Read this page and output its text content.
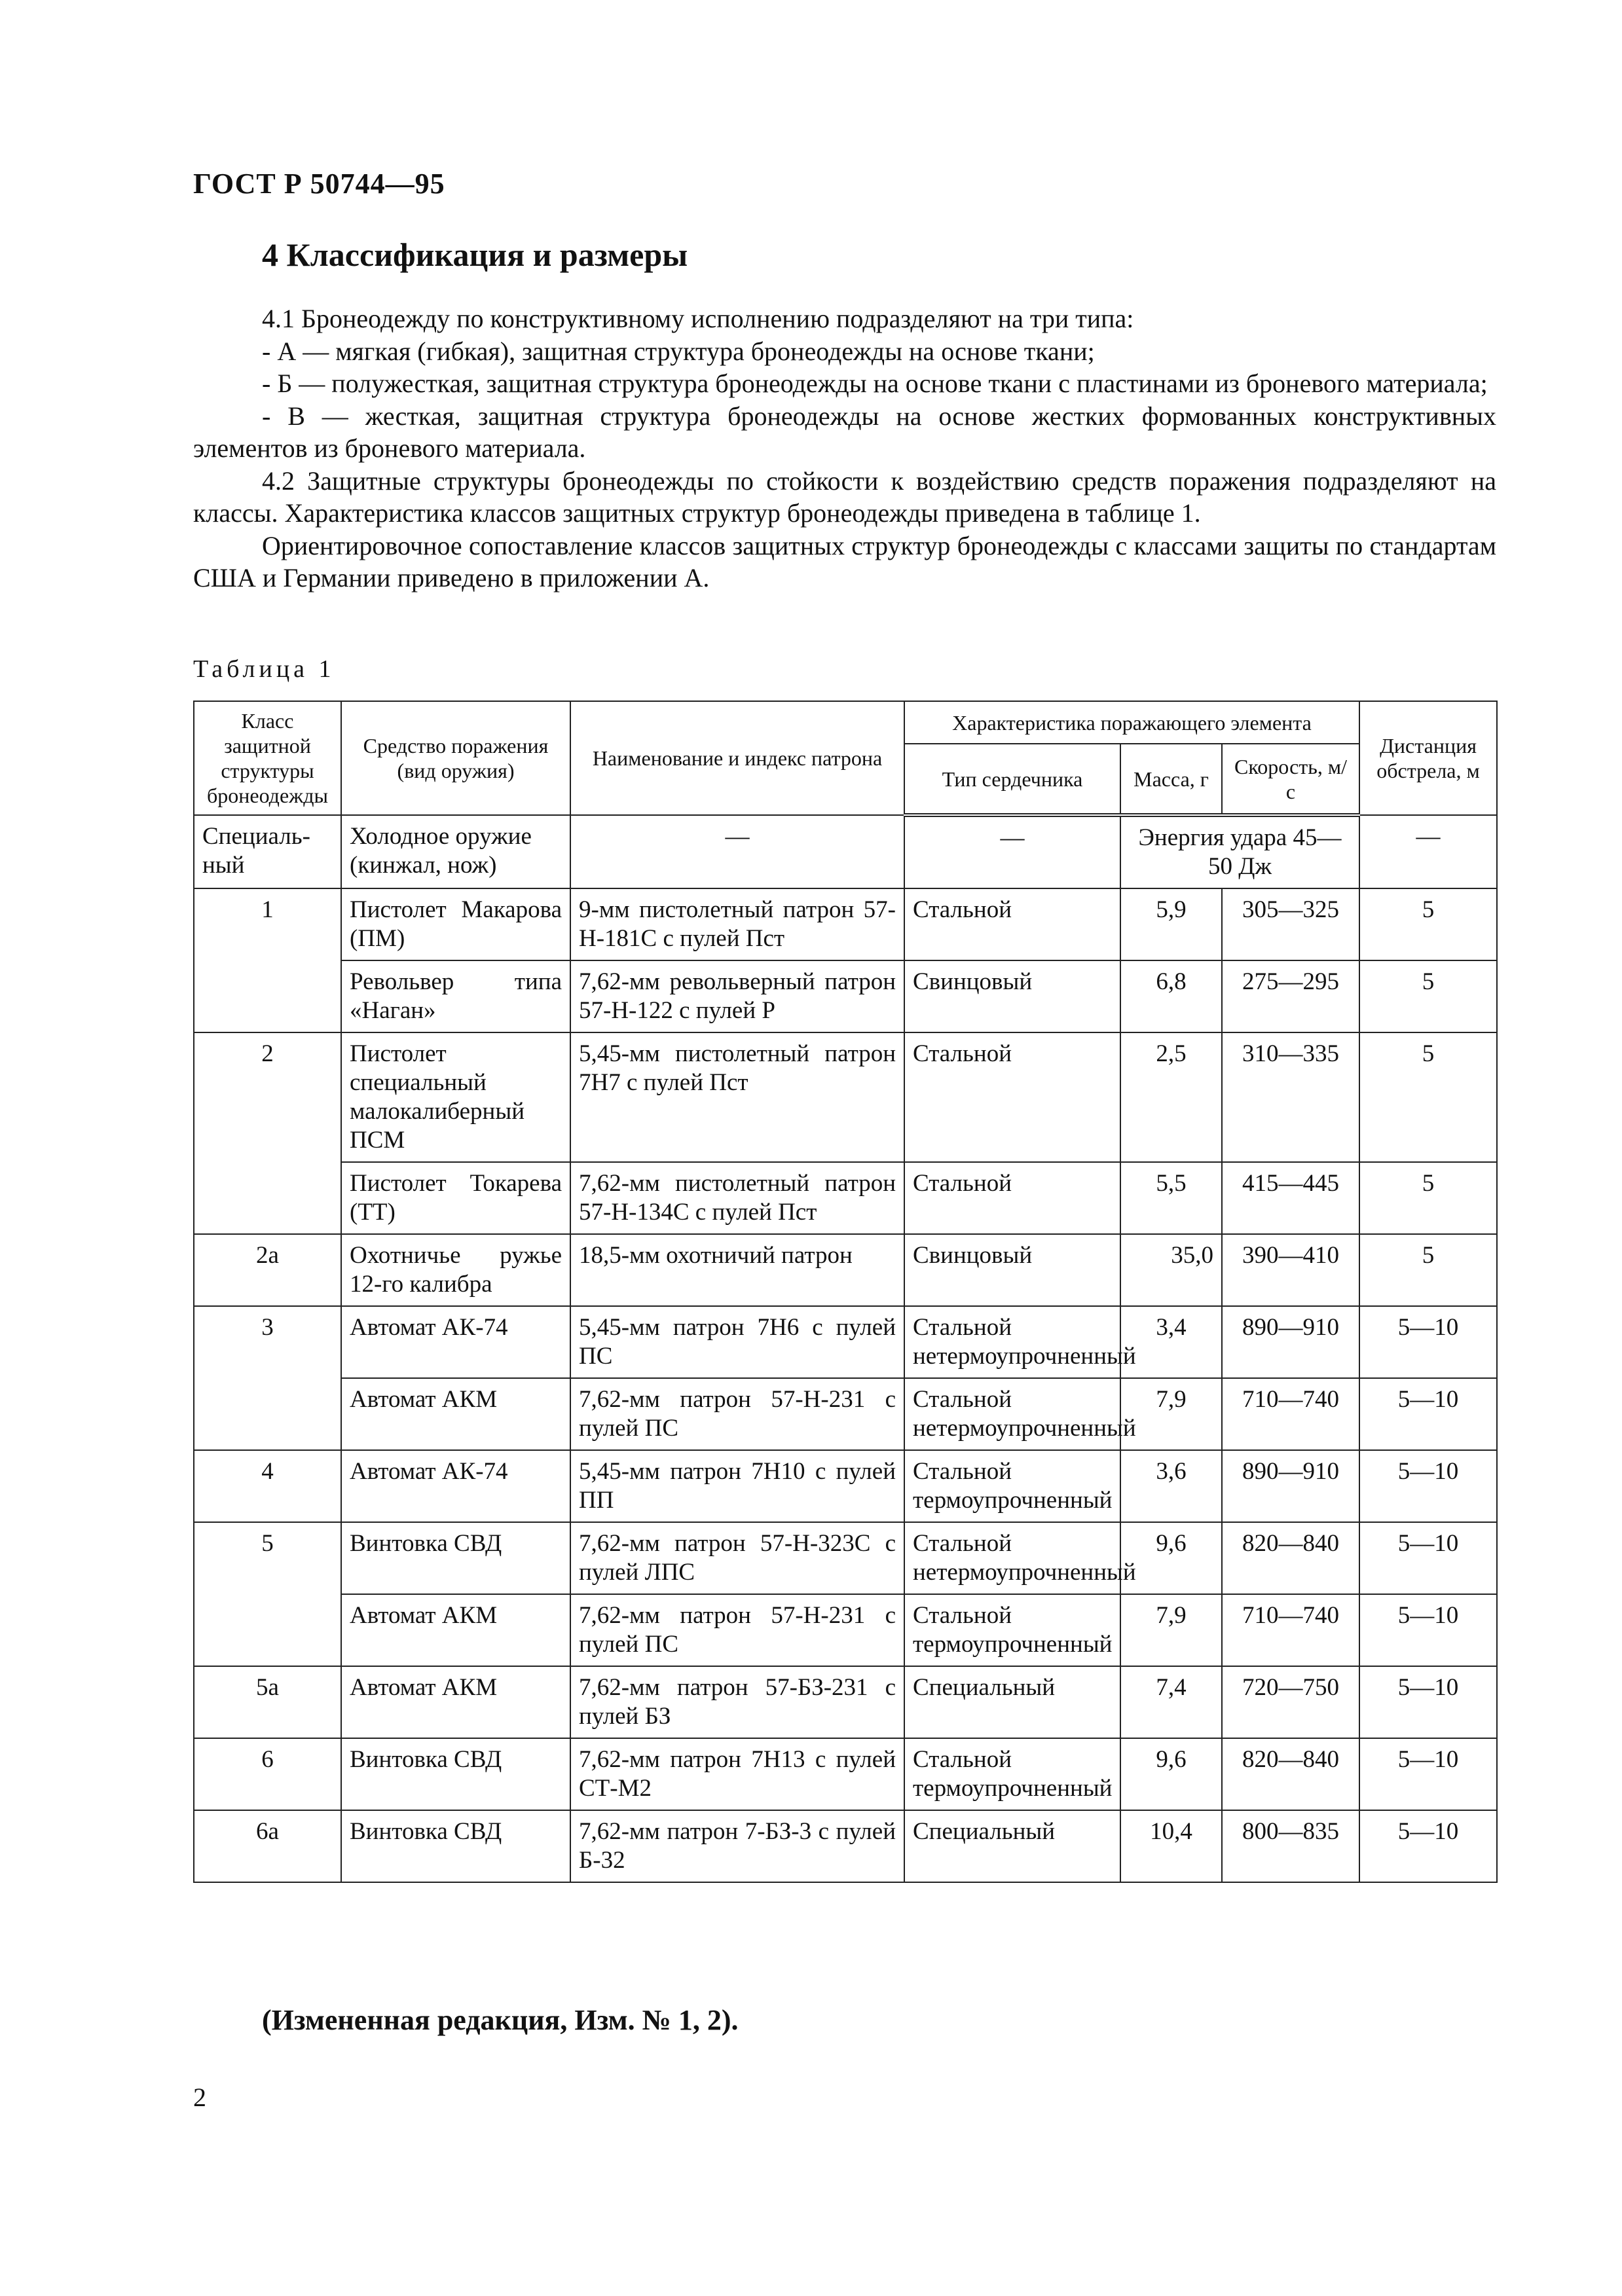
ГОСТ Р 50744—95
4 Классификация и размеры

4.1 Бронеодежду по конструктивному исполнению подразделяют на три типа:

- А — мягкая (гибкая), защитная структура бронеодежды на основе ткани;

- Б — полужесткая, защитная структура бронеодежды на основе ткани с пластинами из броневого материала;

- В — жесткая, защитная структура бронеодежды на основе жестких формованных конструктивных элементов из броневого материала.

4.2 Защитные структуры бронеодежды по стойкости к воздействию средств поражения подразделяют на классы. Характеристика классов защитных структур бронеодежды приведена в таблице 1.

Ориентировочное сопоставление классов защитных структур бронеодежды с классами защиты по стандартам США и Германии приведено в приложении А.

Таблица 1
Класс защитной структуры бронеодежды	Средство поражения (вид оружия)	Наименование и индекс патрона	Характеристика поражающего элемента			Дистанция обстрела, м
			Тип сердечника	Масса, г	Скорость, м/с	
Специальный	Холодное оружие (кинжал, нож)	—	—	Энергия удара 45—50 Дж		—
1	Пистолет Макарова (ПМ)	9-мм пистолетный патрон 57-Н-181С с пулей Пст	Стальной	5,9	305—325	5
	Револьвер типа «Наган»	7,62-мм револьверный патрон 57-Н-122 с пулей Р	Свинцовый	6,8	275—295	5
2	Пистолет специальный малокалиберный ПСМ	5,45-мм пистолетный патрон 7Н7 с пулей Пст	Стальной	2,5	310—335	5
	Пистолет Токарева (ТТ)	7,62-мм пистолетный патрон 57-Н-134С с пулей Пст	Стальной	5,5	415—445	5
2а	Охотничье ружье 12-го калибра	18,5-мм охотничий патрон	Свинцовый	35,0	390—410	5
3	Автомат АК-74	5,45-мм патрон 7Н6 с пулей ПС	Стальной нетермоупрочненный	3,4	890—910	5—10
	Автомат АКМ	7,62-мм патрон 57-Н-231 с пулей ПС	Стальной нетермоупрочненный	7,9	710—740	5—10
4	Автомат АК-74	5,45-мм патрон 7Н10 с пулей ПП	Стальной термоупрочненный	3,6	890—910	5—10
5	Винтовка СВД	7,62-мм патрон 57-Н-323С с пулей ЛПС	Стальной нетермоупрочненный	9,6	820—840	5—10
	Автомат АКМ	7,62-мм патрон 57-Н-231 с пулей ПС	Стальной термоупрочненный	7,9	710—740	5—10
5а	Автомат АКМ	7,62-мм патрон 57-БЗ-231 с пулей БЗ	Специальный	7,4	720—750	5—10
6	Винтовка СВД	7,62-мм патрон 7Н13 с пулей СТ-М2	Стальной термоупрочненный	9,6	820—840	5—10
6а	Винтовка СВД	7,62-мм патрон 7-БЗ-3 с пулей Б-32	Специальный	10,4	800—835	5—10
(Измененная редакция, Изм. № 1, 2).
2
